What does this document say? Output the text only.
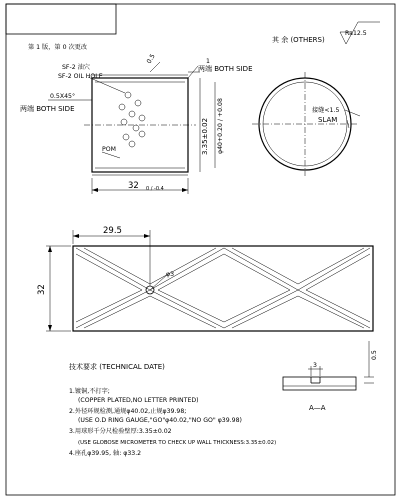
第 1 版，第 0 次更改
其 余 (OTHERS)
Ra12.5
1
0.5
两端 BOTH SIDE
SF-2 油穴
SF-2 OIL HOLE
0.5X45°
两端 BOTH SIDE
POM	3.35±0.02 φ40+0.20 / +0.08
32 0 / -0.4
接缝<1.5
SLAM
29.5
32
φ3
0.5
3
A—A
技术要求 (TECHNICAL DATE)
1.镀铜,不打字;
(COPPER PLATED,NO LETTER PRINTED)
2.外径环规检测,通规φ40.02,止规φ39.98;
(USE O.D RING GAUGE,"GO"φ40.02,"NO GO" φ39.98)
3.用球形千分尺检验壁厚:3.35±0.02
(USE GLOBOSE MICROMETER TO CHECK UP WALL THICKNESS:3.35±0.02)
4.座孔φ39.95, 轴: φ33.2
